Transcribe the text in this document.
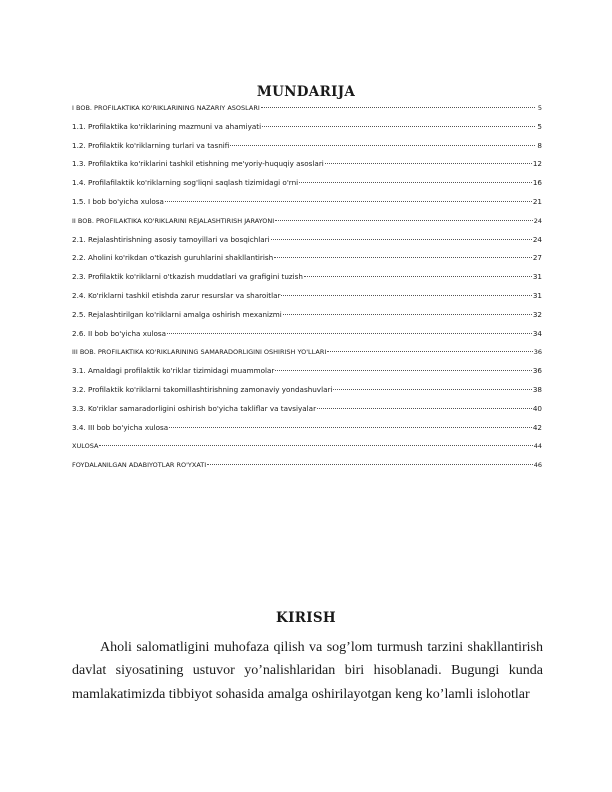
MUNDARIJA
I BOB. PROFILAKTIKA KO'RIKLARINING NAZARIY ASOSLARI	5
1.1. Profilaktika ko'riklarining mazmuni va ahamiyati	5
1.2. Profilaktik ko'riklarning turlari va tasnifi	8
1.3. Profilaktika ko'riklarini tashkil etishning me'yoriy-huquqiy asoslari	12
1.4. Profilafilaktik ko'riklarning sog'liqni saqlash tizimidagi o'rni	16
1.5. I bob bo'yicha xulosa	21
II BOB. PROFILAKTIKA KO'RIKLARINI REJALASHTIRISH JARAYONI	24
2.1. Rejalashtirishning asosiy tamoyillari va bosqichlari	24
2.2. Aholini ko'rikdan o'tkazish guruhlarini shakllantirish	27
2.3. Profilaktik ko'riklarni o'tkazish muddatlari va grafigini tuzish	31
2.4. Ko'riklarni tashkil etishda zarur resurslar va sharoitlar	31
2.5. Rejalashtirilgan ko'riklarni amalga oshirish mexanizmi	32
2.6. II bob bo'yicha xulosa	34
III BOB. PROFILAKTIKA KO'RIKLARINING SAMARADORLIGINI OSHIRISH YO'LLARI	36
3.1. Amaldagi profilaktik ko'riklar tizimidagi muammolar	36
3.2. Profilaktik ko'riklarni takomillashtirishning zamonaviy yondashuvlari	38
3.3. Ko'riklar samaradorligini oshirish bo'yicha takliflar va tavsiyalar	40
3.4. III bob bo'yicha xulosa	42
XULOSA	44
FOYDALANILGAN ADABIYOTLAR RO'YXATI	46
KIRISH

Aholi salomatligini muhofaza qilish va sog’lom turmush tarzini shakllantirish davlat siyosatining ustuvor yo’nalishlaridan biri hisoblanadi. Bugungi kunda mamlakatimizda tibbiyot sohasida amalga oshirilayotgan keng ko’lamli islohotlar
